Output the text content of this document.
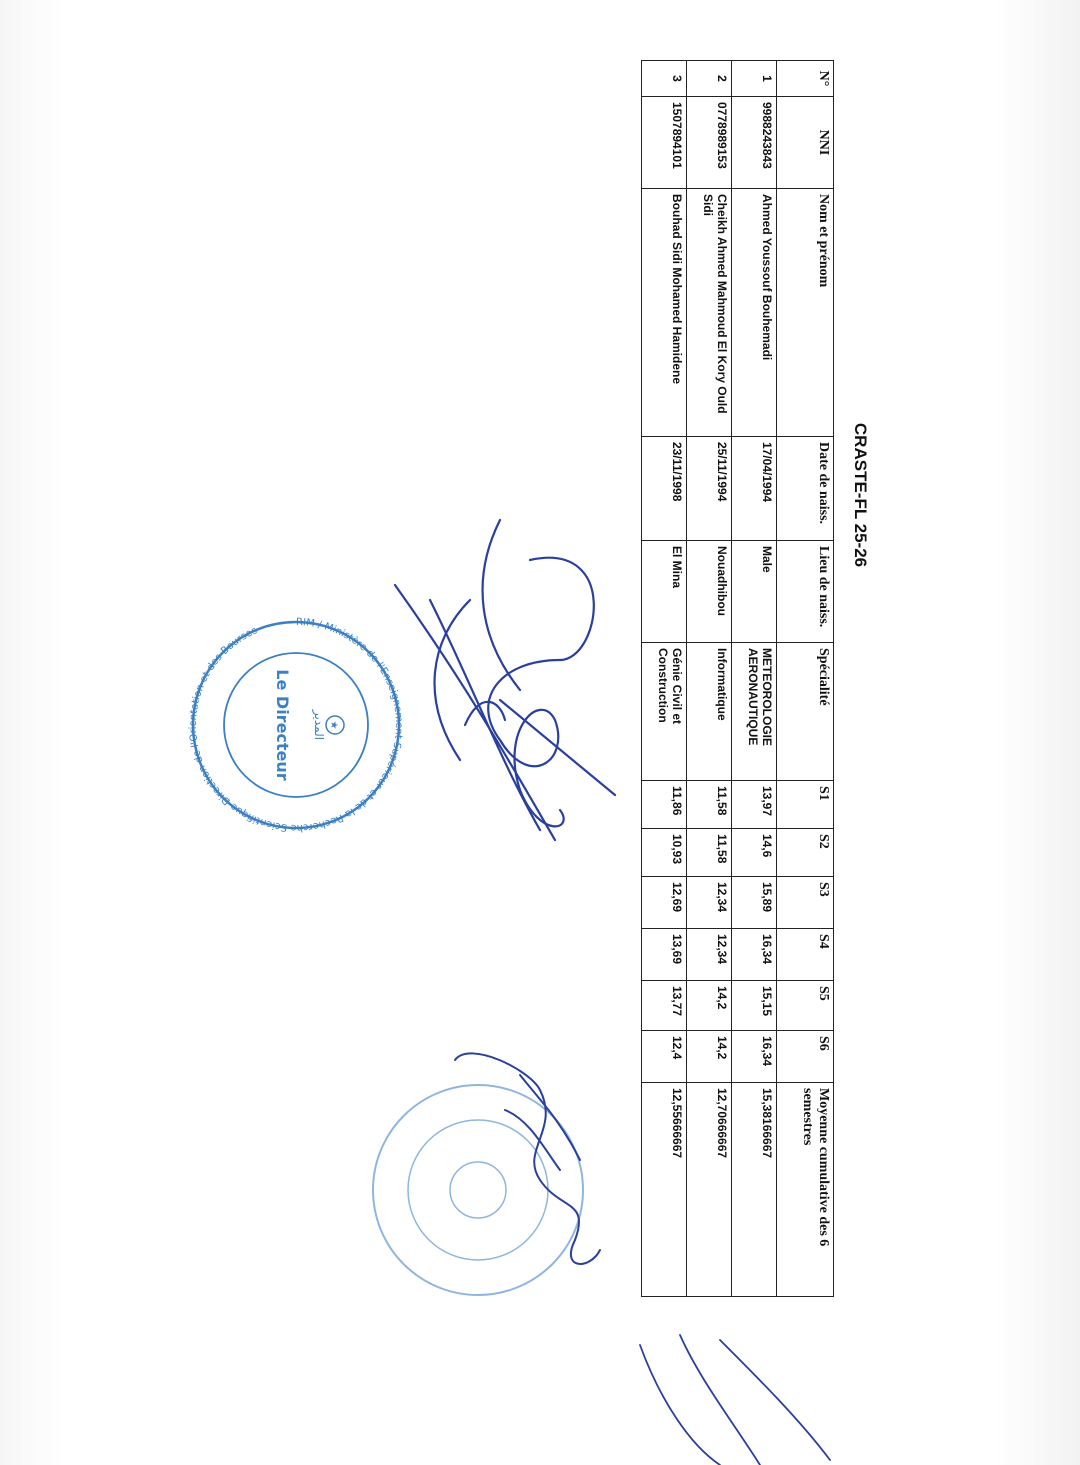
CRASTE-FL 25-26
N°	NNI	Nom et prénom	Date de naiss.	Lieu de naiss.	Spécialité	S1	S2	S3	S4	S5	S6	Moyenne cumulative des 6 semestres
1	9988243843	Ahmed Youssouf Bouhemadi	17/04/1994	Male	METEOROLOGIE AERONAUTIQUE	13,97	14,6	15,89	16,34	15,15	16,34	15,38166667
2	0778989153	Cheikh Ahmed Mahmoud El Kory Ould Sidi	25/11/1994	Nouadhibou	Informatique	11,58	11,58	12,34	12,34	14,2	14,2	12,70666667
3	1507894101	Bouhad Sidi Mohamed Hamidene	23/11/1998	El Mina	Génie Civil et Construction	11,86	10,93	12,69	13,69	13,77	12,4	12,55666667
RIM / Ministère de l'Enseignement Supérieur et de la Recherche Scientifique Direction de l'Orientation et des Bourses
المدير
Le Directeur	★
